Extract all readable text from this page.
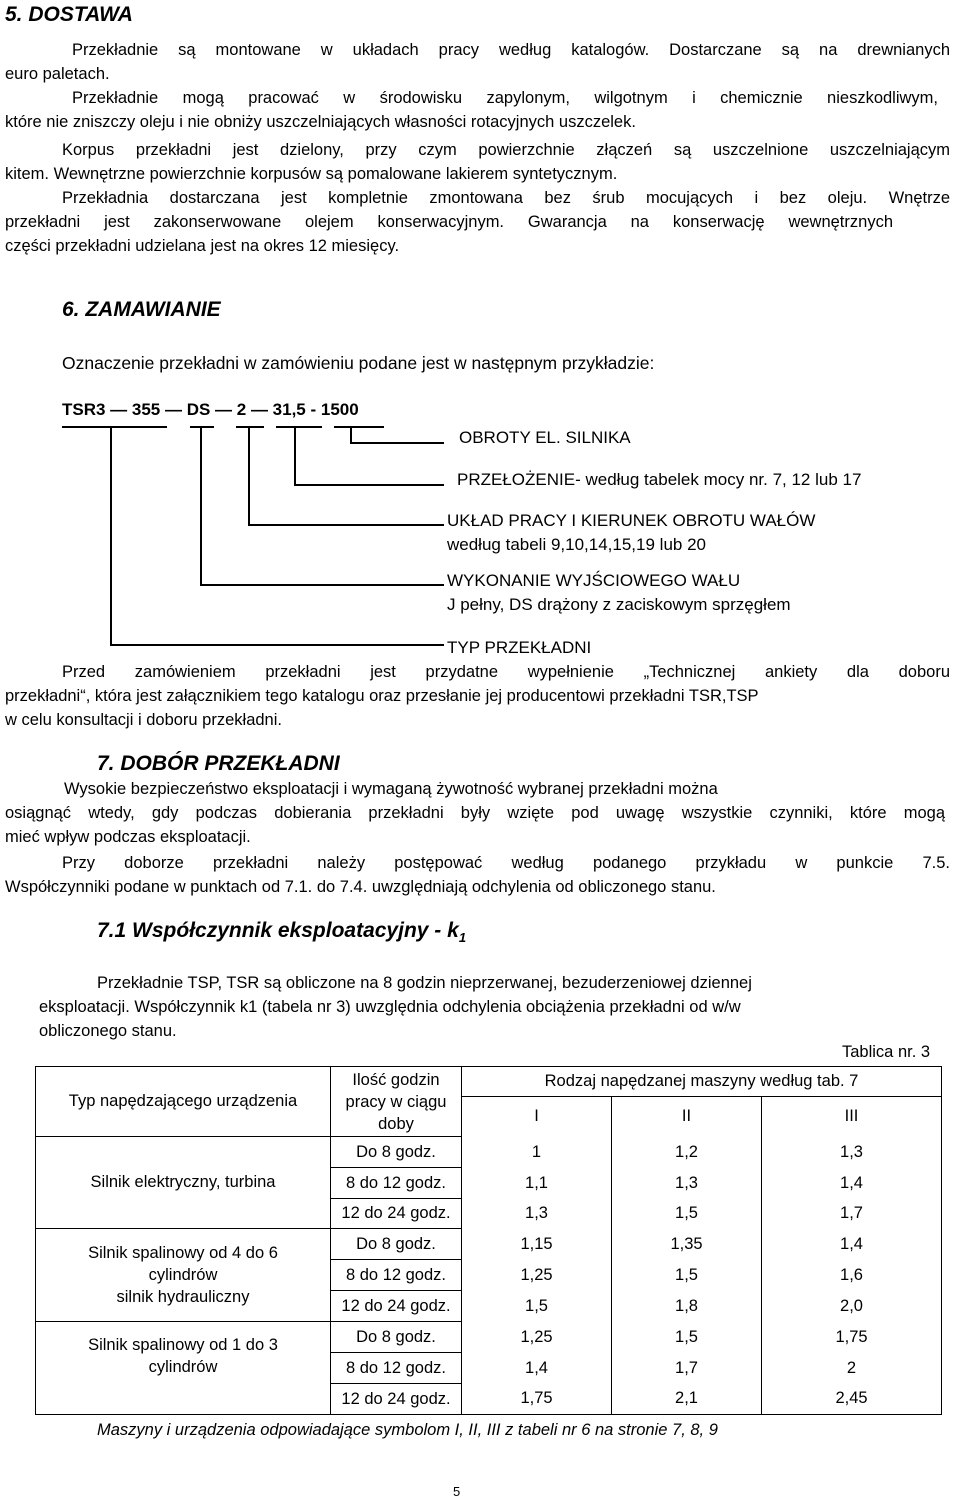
5. DOSTAWA
Przekładnie są montowane w układach pracy według katalogów. Dostarczane są na drewnianych
euro paletach.
Przekładnie mogą pracować w środowisku zapylonym, wilgotnym i chemicznie nieszkodliwym,
które nie zniszczy oleju i nie obniży uszczelniających własności rotacyjnych uszczelek.
Korpus przekładni jest dzielony, przy czym powierzchnie złączeń są uszczelnione uszczelniającym
kitem. Wewnętrzne powierzchnie korpusów są pomalowane lakierem syntetycznym.
Przekładnia dostarczana jest kompletnie zmontowana bez śrub mocujących i bez oleju. Wnętrze
przekładni jest zakonserwowane olejem konserwacyjnym. Gwarancja na konserwację wewnętrznych
części przekładni udzielana jest na okres 12 miesięcy.
6. ZAMAWIANIE
Oznaczenie przekładni w zamówieniu podane jest w następnym przykładzie:
TSR3 — 355 — DS — 2 — 31,5 - 1500
OBROTY EL. SILNIKA
PRZEŁOŻENIE- według tabelek mocy nr. 7, 12 lub 17
UKŁAD PRACY I KIERUNEK OBROTU WAŁÓW
według tabeli 9,10,14,15,19 lub 20
WYKONANIE WYJŚCIOWEGO WAŁU
J pełny, DS drążony z zaciskowym sprzęgłem
TYP PRZEKŁADNI
Przed zamówieniem przekładni jest przydatne wypełnienie „Technicznej ankiety dla doboru
przekładni“, która jest załącznikiem tego katalogu oraz przesłanie jej producentowi przekładni TSR,TSP
w celu konsultacji i doboru przekładni.
7. DOBÓR PRZEKŁADNI
Wysokie bezpieczeństwo eksploatacji i wymaganą żywotność wybranej przekładni można
osiągnąć wtedy, gdy podczas dobierania przekładni były wzięte pod uwagę wszystkie czynniki, które mogą
mieć wpływ podczas eksploatacji.
Przy doborze przekładni należy postępować według podanego przykładu w punkcie 7.5.
Współczynniki podane w punktach od 7.1. do 7.4. uwzględniają odchylenia od obliczonego stanu.
7.1 Współczynnik eksploatacyjny - $k_1$
Przekładnie TSP, TSR są obliczone na 8 godzin nieprzerwanej, bezuderzeniowej dziennej
eksploatacji. Współczynnik k1 (tabela nr 3) uwzględnia odchylenia obciążenia przekładni od w/w
obliczonego stanu.
Tablica nr. 3
Typ napędzającego urządzenia	Ilość godzin
pracy w ciągu
doby	Rodzaj napędzanej maszyny według tab. 7		
		I	II	III
Silnik elektryczny, turbina	Do 8 godz.	1	1,2	1,3
	8 do 12 godz.	1,1	1,3	1,4
	12 do 24 godz.	1,3	1,5	1,7
Silnik spalinowy od 4 do 6
cylindrów
silnik hydrauliczny	Do 8 godz.	1,15	1,35	1,4
	8 do 12 godz.	1,25	1,5	1,6
	12 do 24 godz.	1,5	1,8	2,0
Silnik spalinowy od 1 do 3
cylindrów	Do 8 godz.	1,25	1,5	1,75
	8 do 12 godz.	1,4	1,7	2
	12 do 24 godz.	1,75	2,1	2,45
Maszyny i urządzenia odpowiadające symbolom I, II, III z tabeli nr 6 na stronie 7, 8, 9
5
